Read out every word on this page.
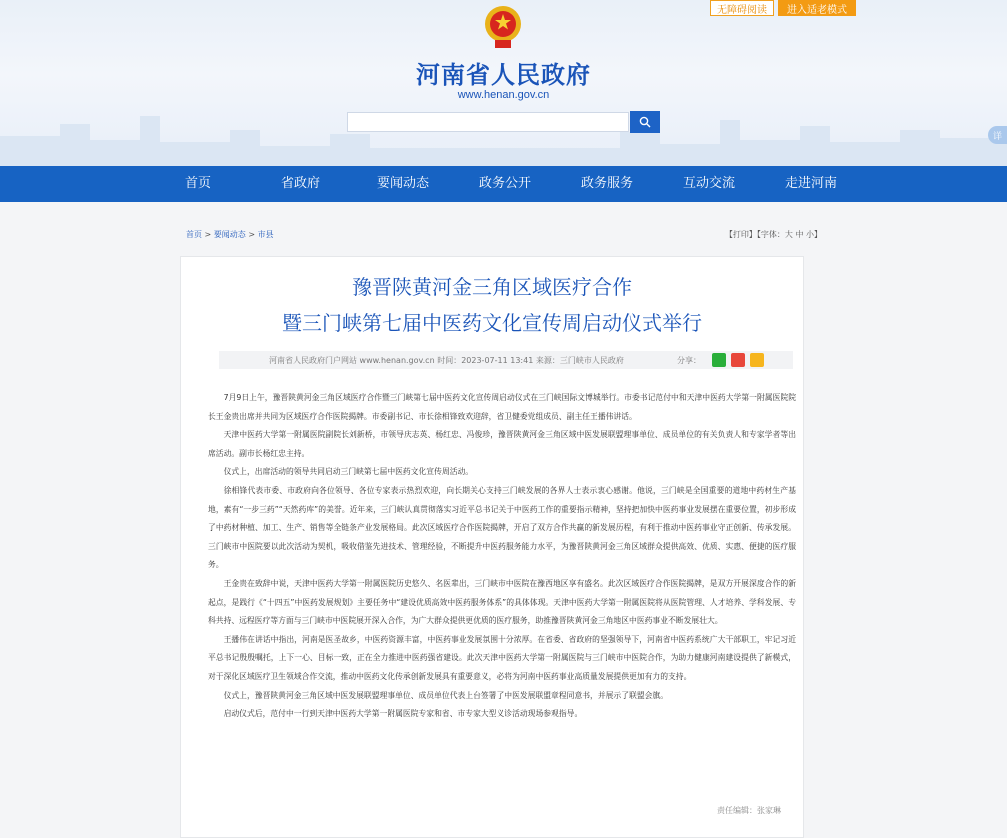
河南省人民政府
www.henan.gov.cn
无障碍阅读	进入适老模式
详
首页	省政府	要闻动态	政务公开	政务服务	互动交流	走进河南
首页 > 要闻动态 > 市县	【打印】【字体：大 中 小】
豫晋陕黄河金三角区域医疗合作
暨三门峡第七届中医药文化宣传周启动仪式举行
河南省人民政府门户网站 www.henan.gov.cn 时间：2023-07-11 13:41 来源：三门峡市人民政府	分享：

7月9日上午，豫晋陕黄河金三角区域医疗合作暨三门峡第七届中医药文化宣传周启动仪式在三门峡国际文博城举行。市委书记范付中和天津中医药大学第一附属医院院长王金贵出席并共同为区域医疗合作医院揭牌。市委副书记、市长徐相锋致欢迎辞，省卫健委党组成员、副主任王播伟讲话。

天津中医药大学第一附属医院副院长刘新桥，市领导庆志英、杨红忠、冯俊珍，豫晋陕黄河金三角区域中医发展联盟理事单位、成员单位的有关负责人和专家学者等出席活动。副市长杨红忠主持。

仪式上，出席活动的领导共同启动三门峡第七届中医药文化宣传周活动。

徐相锋代表市委、市政府向各位领导、各位专家表示热烈欢迎，向长期关心支持三门峡发展的各界人士表示衷心感谢。他说，三门峡是全国重要的道地中药材生产基地，素有“一步三药”“天然药库”的美誉。近年来，三门峡认真贯彻落实习近平总书记关于中医药工作的重要指示精神，坚持把加快中医药事业发展摆在重要位置，初步形成了中药材种植、加工、生产、销售等全链条产业发展格局。此次区域医疗合作医院揭牌，开启了双方合作共赢的新发展历程，有利于推动中医药事业守正创新、传承发展。三门峡市中医院要以此次活动为契机，吸收借鉴先进技术、管理经验，不断提升中医药服务能力水平，为豫晋陕黄河金三角区域群众提供高效、优质、实惠、便捷的医疗服务。

王金贵在致辞中说，天津中医药大学第一附属医院历史悠久、名医辈出，三门峡市中医院在豫西地区享有盛名。此次区域医疗合作医院揭牌，是双方开展深度合作的新起点，是践行《“十四五”中医药发展规划》主要任务中“建设优质高效中医药服务体系”的具体体现。天津中医药大学第一附属医院将从医院管理、人才培养、学科发展、专科共持、远程医疗等方面与三门峡市中医院展开深入合作，为广大群众提供更优质的医疗服务，助推豫晋陕黄河金三角地区中医药事业不断发展壮大。

王播伟在讲话中指出，河南是医圣故乡，中医药资源丰富，中医药事业发展氛围十分浓厚。在省委、省政府的坚强领导下，河南省中医药系统广大干部职工，牢记习近平总书记殷殷嘱托，上下一心、目标一致，正在全力推进中医药强省建设。此次天津中医药大学第一附属医院与三门峡市中医院合作，为助力健康河南建设提供了新模式，对于深化区域医疗卫生领域合作交流，推动中医药文化传承创新发展具有重要意义，必将为河南中医药事业高质量发展提供更加有力的支持。

仪式上，豫晋陕黄河金三角区域中医发展联盟理事单位、成员单位代表上台签署了中医发展联盟章程同意书，并展示了联盟会旗。

启动仪式后，范付中一行到天津中医药大学第一附属医院专家和省、市专家大型义诊活动现场参观指导。

责任编辑：张家琳
